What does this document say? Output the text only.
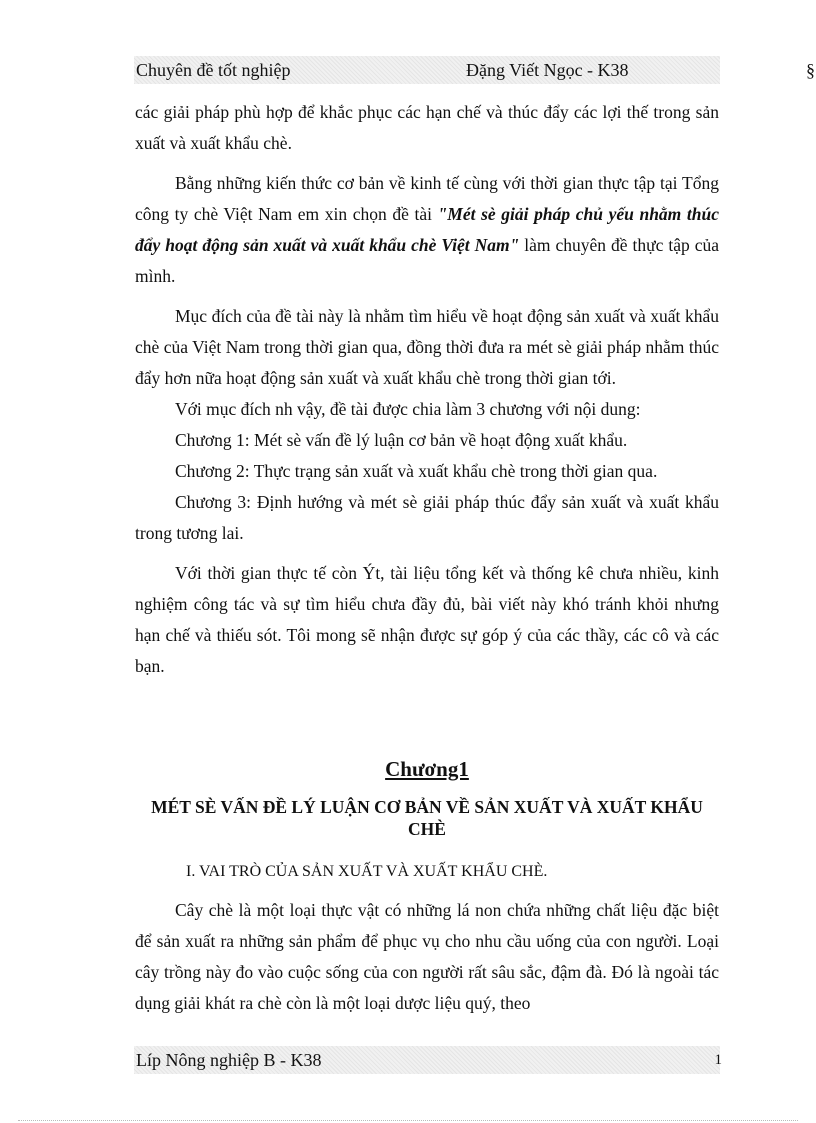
Chuyên đề tốt nghiệp	Đặng Viết Ngọc - K38	§

các giải pháp phù hợp để khắc phục các hạn chế và thúc đẩy các lợi thế trong sản xuất và xuất khẩu chè.

Bằng những kiến thức cơ bản về kinh tế cùng với thời gian thực tập tại Tổng công ty chè Việt Nam em xin chọn đề tài "Mét sè giải pháp chủ yếu nhằm thúc đẩy hoạt động sản xuất và xuất khẩu chè Việt Nam" làm chuyên đề thực tập của mình.

Mục đích của đề tài này là nhằm tìm hiểu về hoạt động sản xuất và xuất khẩu chè của Việt Nam trong thời gian qua, đồng thời đưa ra mét sè giải pháp nhằm thúc đẩy hơn nữa hoạt động sản xuất và xuất khẩu chè trong thời gian tới.

Với mục đích nh vậy, đề tài được chia làm 3 chương với nội dung:

Chương 1: Mét sè vấn đề lý luận cơ bản về hoạt động xuất khẩu.

Chương 2: Thực trạng sản xuất và xuất khẩu chè trong thời gian qua.

Chương 3: Định hướng và mét sè giải pháp thúc đẩy sản xuất và xuất khẩu trong tương lai.

Với thời gian thực tế còn Ýt, tài liệu tổng kết và thống kê chưa nhiều, kinh nghiệm công tác và sự tìm hiểu chưa đầy đủ, bài viết này khó tránh khỏi nhưng hạn chế và thiếu sót. Tôi mong sẽ nhận được sự góp ý của các thầy, các cô và các bạn.

Chương1
MÉT SÈ VẤN ĐỀ LÝ LUẬN CƠ BẢN VỀ SẢN XUẤT VÀ XUẤT KHẨU CHÈ
I. VAI TRÒ CỦA SẢN XUẤT VÀ XUẤT KHẨU CHÈ.

Cây chè là một loại thực vật có những lá non chứa những chất liệu đặc biệt để sản xuất ra những sản phẩm để phục vụ cho nhu cầu uống của con người. Loại cây trồng này đo vào cuộc sống của con người rất sâu sắc, đậm đà. Đó là ngoài tác dụng giải khát ra chè còn là một loại dược liệu quý, theo

Líp Nông nghiệp B - K38	1
